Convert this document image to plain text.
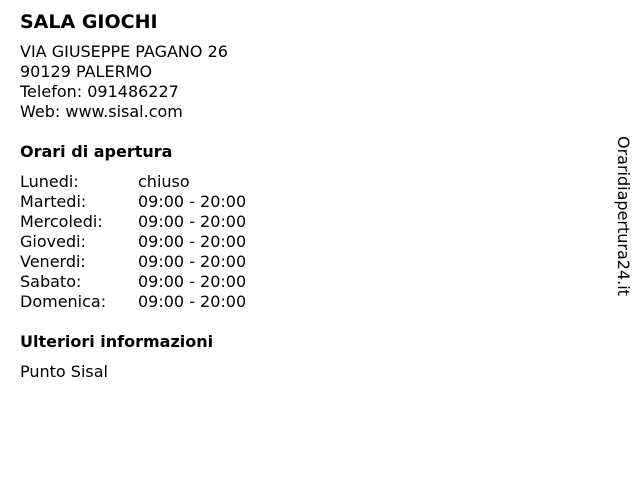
SALA GIOCHI
VIA GIUSEPPE PAGANO 26
90129 PALERMO
Telefon: 091486227
Web: www.sisal.com
Orari di apertura
Lunedi:	chiuso
Martedi:	09:00 - 20:00
Mercoledi:	09:00 - 20:00
Giovedi:	09:00 - 20:00
Venerdi:	09:00 - 20:00
Sabato:	09:00 - 20:00
Domenica:	09:00 - 20:00
Ulteriori informazioni
Punto Sisal
Oraridiapertura24.it
